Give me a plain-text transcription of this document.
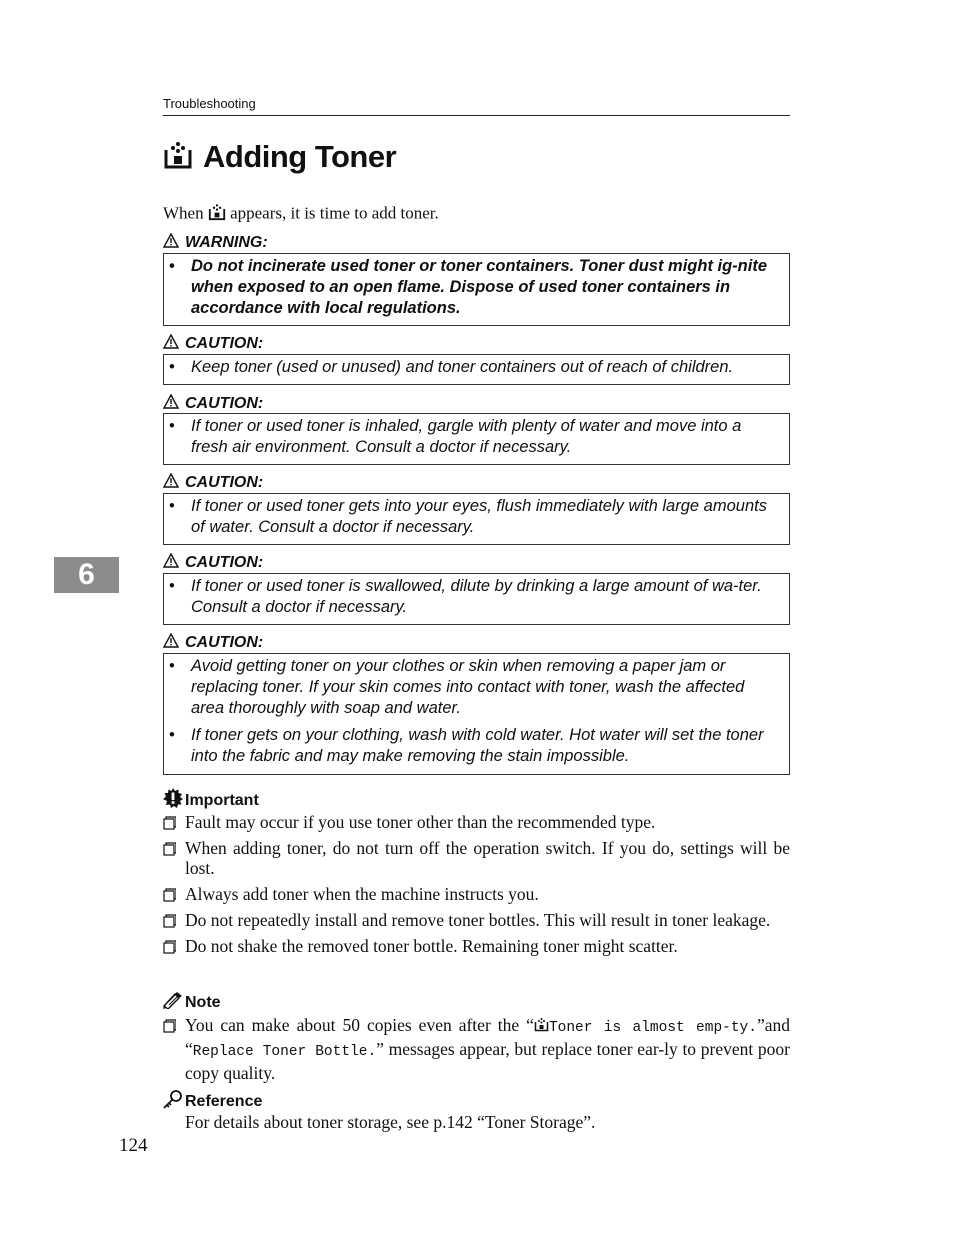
Troubleshooting
Adding Toner
When appears, it is time to add toner.
WARNING:
• Do not incinerate used toner or toner containers. Toner dust might ig-nite when exposed to an open flame. Dispose of used toner containers in accordance with local regulations.
CAUTION:
• Keep toner (used or unused) and toner containers out of reach of children.
CAUTION:
• If toner or used toner is inhaled, gargle with plenty of water and move into a fresh air environment. Consult a doctor if necessary.
CAUTION:
• If toner or used toner gets into your eyes, flush immediately with large amounts of water. Consult a doctor if necessary.
6	CAUTION:
• If toner or used toner is swallowed, dilute by drinking a large amount of wa-ter. Consult a doctor if necessary.
CAUTION:
• Avoid getting toner on your clothes or skin when removing a paper jam or replacing toner. If your skin comes into contact with toner, wash the affected area thoroughly with soap and water.
• If toner gets on your clothing, wash with cold water. Hot water will set the toner into the fabric and may make removing the stain impossible.
Important
Fault may occur if you use toner other than the recommended type.
When adding toner, do not turn off the operation switch. If you do, settings will be lost.
Always add toner when the machine instructs you.
Do not repeatedly install and remove toner bottles. This will result in toner leakage.
Do not shake the removed toner bottle. Remaining toner might scatter.
Note
You can make about 50 copies even after the “ Toner is almost emp-ty.”and “Replace Toner Bottle.” messages appear, but replace toner ear-ly to prevent poor copy quality.
Reference
For details about toner storage, see p.142 “Toner Storage”.
124
